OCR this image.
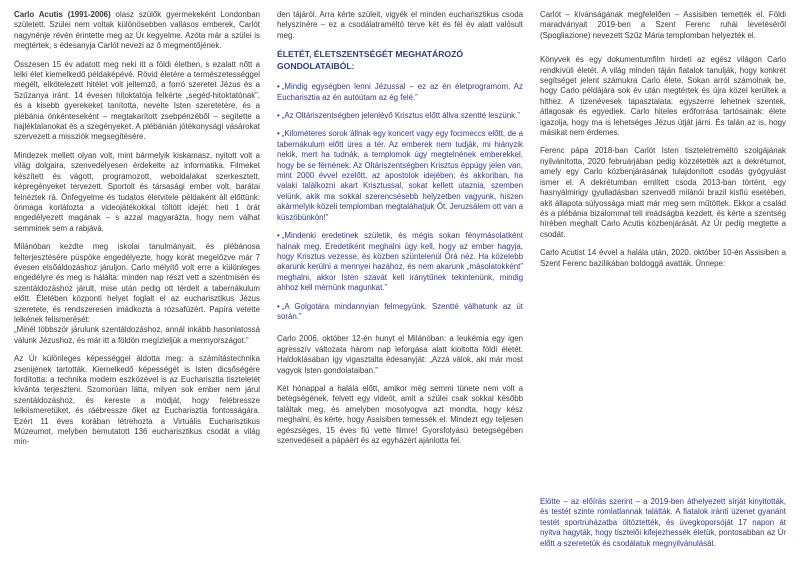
Carlo Acutis (1991-2006) olasz szülők gyermekeként Londonban született. Szülei nem voltak különösebben vallásos emberek, Carlót nagynénje révén érintette meg az Úr kegyelme. Azóta már a szülei is megtértek, s édesanyja Carlót nevezi az ő megmentőjének.

Összesen 15 év adatott meg neki itt a földi életben, s ezalatt nőtt a lelki élet kiemelkedő példaképévé. Rövid életére a természetességgel megélt, elkötelezett hitélet volt jellemző, a forró szeretet Jézus és a Szűzanya iránt. 14 évesen hitoktatója felkérte „segéd-hitoktatónak”, és a kisebb gyerekeket tanította, nevelte Isten szeretetére, és a plébánia önkénteseként – megtakarított zsebpénzéből – segítette a hajléktalanokat és a szegényeket. A plébánián jótékonysági vásárokat szervezett a missziók megsegítésére.

Mindezek mellett olyan volt, mint bármelyik kiskamasz, nyitott volt a világ dolgaira, szenvedélyesen érdekelte az informatika. Filmeket készített és vágott, programozott, weboldalakat szerkesztett, képregényeket tervezett. Sportolt és társasági ember volt, barátai felnéztek rá. Önfegyelme és tudatos életvitele példaként áll előttünk: önmaga korlátozta a videojátékokkal töltött idejét: heti 1 órát engedélyezett magának – s azzal magyarázta, hogy nem válhat semminek sem a rabjává.

Milánóban kezdte meg iskolai tanulmányait, és plébánosa felterjesztésére püspöke engedélyezte, hogy korát megelőzve már 7 évesen elsőáldozáshoz járuljon. Carlo mélyítő volt erre a különleges engedélyre és meg is hálálta: minden nap részt vett a szentmisén és szentáldozáshoz járult, mise után pedig ott térdelt a tabernákulum előtt. Életében központi helyet foglalt el az eucharisztikus Jézus szeretete, és rendszeresen imádkozta a rózsafüzért. Papíra vetette lelkének felismerését:

„Minél többször járulunk szentáldozáshoz, annál inkább hasonlatossá válunk Jézushoz, és már itt a földön megízleljük a mennyországot.”

Az Úr különleges képességgel áldotta meg: a számítástechnika zsenijének tartották. Kiemelkedő képességét is Isten dicsőségére fordította: a technika modern eszközével is az Eucharisztia tiszteletét kívánta terjeszteni. Szomorúan látta, milyen sok ember nem járul szentáldozáshoz, és kereste a módját, hogy felébressze lelkiismeretüket, és ráébressze őket az Eucharisztia fontosságára. Ezért 11 éves korában létrehozta a Virtuális Eucharisztikus Múzeumot, melyben bemutatott 136 eucharisztikus csodát a világ min-

den tájáról. Arra kérte szüleit, vigyék el minden eucharisztikus csoda helyszínére – ez a csodálatraméltó terve két és fél év alatt valósult meg.

ÉLETÉT, ÉLETSZENTSÉGÉT MEGHATÁROZÓ GONDOLATAIBÓL:

• „Mindig egységben lenni Jézussal – ez az én életprogramom. Az Eucharisztia az én autóútam az ég felé.”

• „Az Oltáriszentségben jelenlévő Krisztus előtt állva szentté leszünk.”

• „Kilométeres sorok állnak egy koncert vagy egy focimeccs előtt, de a tabernákulum előtt üres a tér. Az emberek nem tudják, mi hiányzik nekik, mert ha tudnák, a templomok úgy megtelnének emberekkel, hogy be se férnének. Az Oltáriszentségben Krisztus éppúgy jelen van, mint 2000 évvel ezelőtt, az apostolok idejében; és akkoriban, ha valaki találkozni akart Krisztussal, sokat kellett utaznia, szemben velünk, akik ma sokkal szerencsésebb helyzetben vagyunk, hiszen akármelyik közeli templomban megtaláhatjuk Őt. Jeruzsálem ott van a küszöbünkön!”

• „Mindenki eredetinek születik, és mégis sokan fénymásolatként halnak meg. Eredetiként meghalni úgy kell, hogy az ember hagyja, hogy Krisztus vezesse, és közben szüntelenül Őrá néz. Ha közelebb akarunk kerülni a mennyei hazához, és nem akarunk „másolatokként” meghalni, akkor Isten szavát kell iránytűnek tekintenünk, mindig ahhoz kell mérnünk magunkat.”

• „A Golgotára mindannyian felmegyünk. Szentté válhatunk az út során.”

Carlo 2006. október 12-én hunyt el Milánóban: a leukémia egy igen agresszív változata három nap leforgása alatt kioltotta földi életét. Haldoklásában így vigasztalta édesanyját: „Azzá válok, aki már most vagyok Isten gondolataiban.”

Két hónappal a halála előtt, amikor még semmi tünete nem volt a betegségének, felvett egy videót, amit a szülei csak sokkal később találtak meg, és amelyben mosolyogva azt mondta, hogy kész meghalni, és kérte, hogy Assisiben temessék el. Mindezt egy teljesen egészséges, 15 éves fiú vette filmre! Gyorsfolyású betegségében szenvedéseit a pápáért és az egyházért ajánlotta fel.

Carlót – kívánságának megfelelően – Assisiben temették el. Földi maradványait 2019-ben a Szent Ferenc ruhái levetéséről (Spogliazione) nevezett Szűz Mária templomban helyezték el.

Könyvek és egy dokumentumfilm hirdeti az egész világon Carlo rendkívüli életét. A világ minden táján fiatalok tanulják, hogy konkrét segítséget jelent számukra Carlo élete. Sokan arról számolnak be, hogy Carlo példájára sok év után megtértek és újra közel kerültek a hithez. A tizenévesek tapasztalata: egyszerre lehetnek szentek, átlagosak és egyediek. Carlo hiteles erőforrása tartósainak: élete igazolja, hogy ma is lehetséges Jézus útját járni. És talán az is, hogy másikat nem érdemes.

Ferenc pápa 2018-ban Carlót Isten tiszteletreméltó szolgájának nyilvánította, 2020 februárjában pedig közzétették azt a dekrétumot, amely egy Carlo közbenjárásának tulajdonított csodás gyógyulást ismer el. A dekrétumban említett csoda 2013-ban történt, egy hasnyálmirigy gyulladásban szenvedő milánói brazil kisfiú esetében, akit állapota súlyossága miatt már meg sem műtöttek. Ekkor a család és a plébánia bizalommal teli imádságba kezdett, és kérte a szentség hírében meghalt Carlo Acutis közbenjárását. Az Úr pedig megtette a csodát.

Carlo Acutist 14 évvel a halála után, 2020. október 10-én Assisiben a Szent Ferenc bazilikában boldoggá avatták. Ünnepe:

Elötte – az előírás szerint – a 2019-ben áthelyezett sírját kinyitották, és testét szinte romlatlannak találták. A fiatalok iránti üzenet gyanánt testét sportruházatba öltöztették, és üvegkoporsóját 17 napon át nyitva hagyták, hogy tisztelői kifejezhessék életük, pontosabban az Úr előtt a szeretetük és csodálatuk megnyilvánulását.
